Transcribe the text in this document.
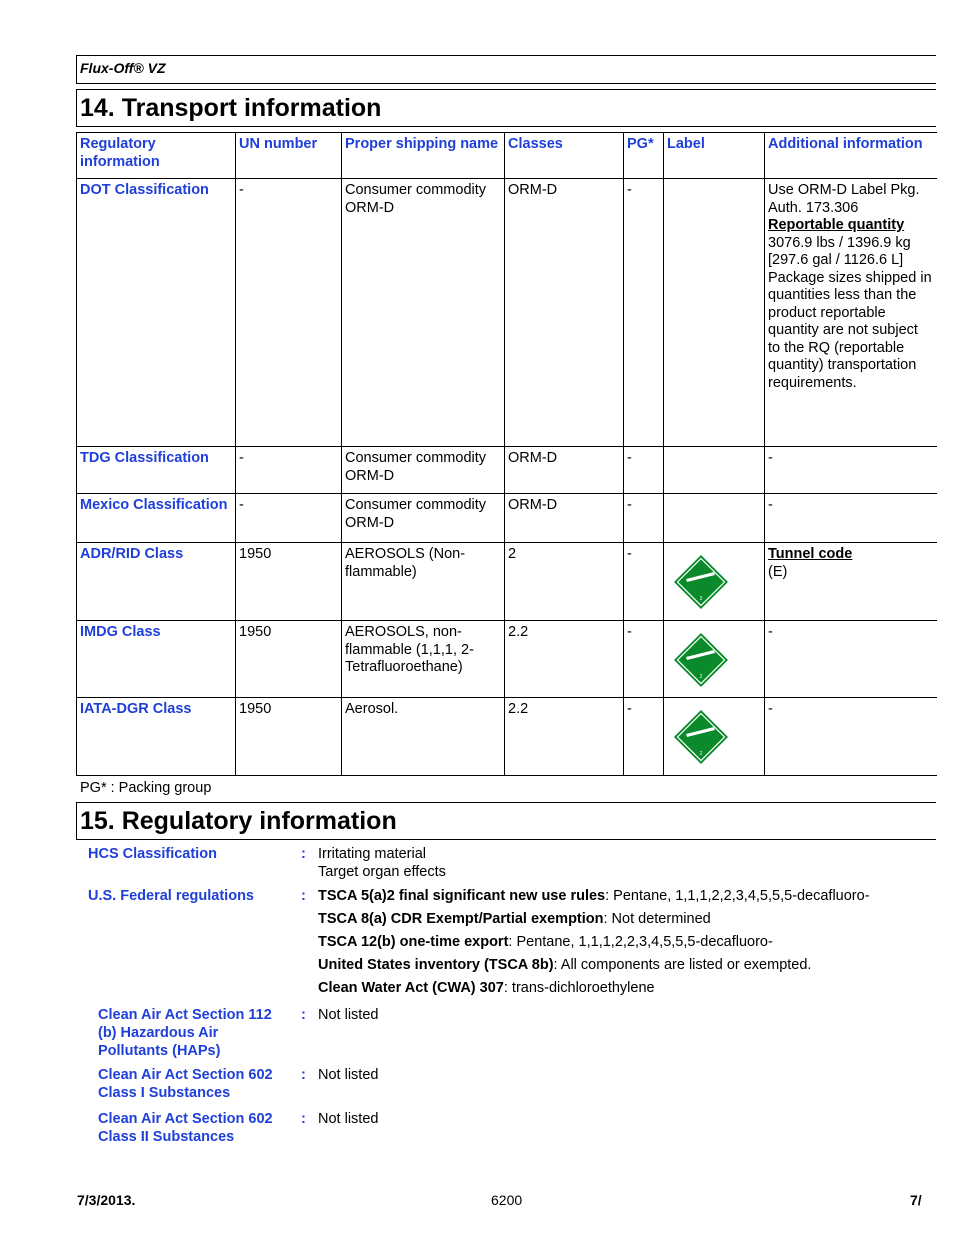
Flux-Off® VZ
14. Transport information
Regulatory information	UN number	Proper shipping name	Classes	PG*	Label	Additional information
DOT Classification	-	Consumer commodity ORM-D	ORM-D	-		Use ORM-D Label Pkg. Auth. 173.306
Reportable quantity
3076.9 lbs / 1396.9 kg [297.6 gal / 1126.6 L] Package sizes shipped in quantities less than the product reportable quantity are not subject to the RQ (reportable quantity) transportation requirements.

TDG Classification	-	Consumer commodity ORM-D	ORM-D	-		-
Mexico Classification	-	Consumer commodity ORM-D	ORM-D	-		-
ADR/RID Class	1950	AEROSOLS (Non-flammable)	2	-	2	Tunnel code
(E)

IMDG Class	1950	AEROSOLS, non-flammable (1,1,1, 2-Tetrafluoroethane)	2.2	-	2	-
IATA-DGR Class	1950	Aerosol.	2.2	-	2	-
PG* : Packing group
15. Regulatory information
HCS Classification	: Irritating material
Target organ effects
U.S. Federal regulations	: TSCA 5(a)2 final significant new use rules: Pentane, 1,1,1,2,2,3,4,5,5,5-decafluoro-
TSCA 8(a) CDR Exempt/Partial exemption: Not determined
TSCA 12(b) one-time export: Pentane, 1,1,1,2,2,3,4,5,5,5-decafluoro-
United States inventory (TSCA 8b): All components are listed or exempted.
Clean Water Act (CWA) 307: trans-dichloroethylene
Clean Air Act Section 112
(b) Hazardous Air
Pollutants (HAPs)
: Not listed
Clean Air Act Section 602
Class I Substances
: Not listed
Clean Air Act Section 602
Class II Substances
: Not listed
7/3/2013.	6200	7/
